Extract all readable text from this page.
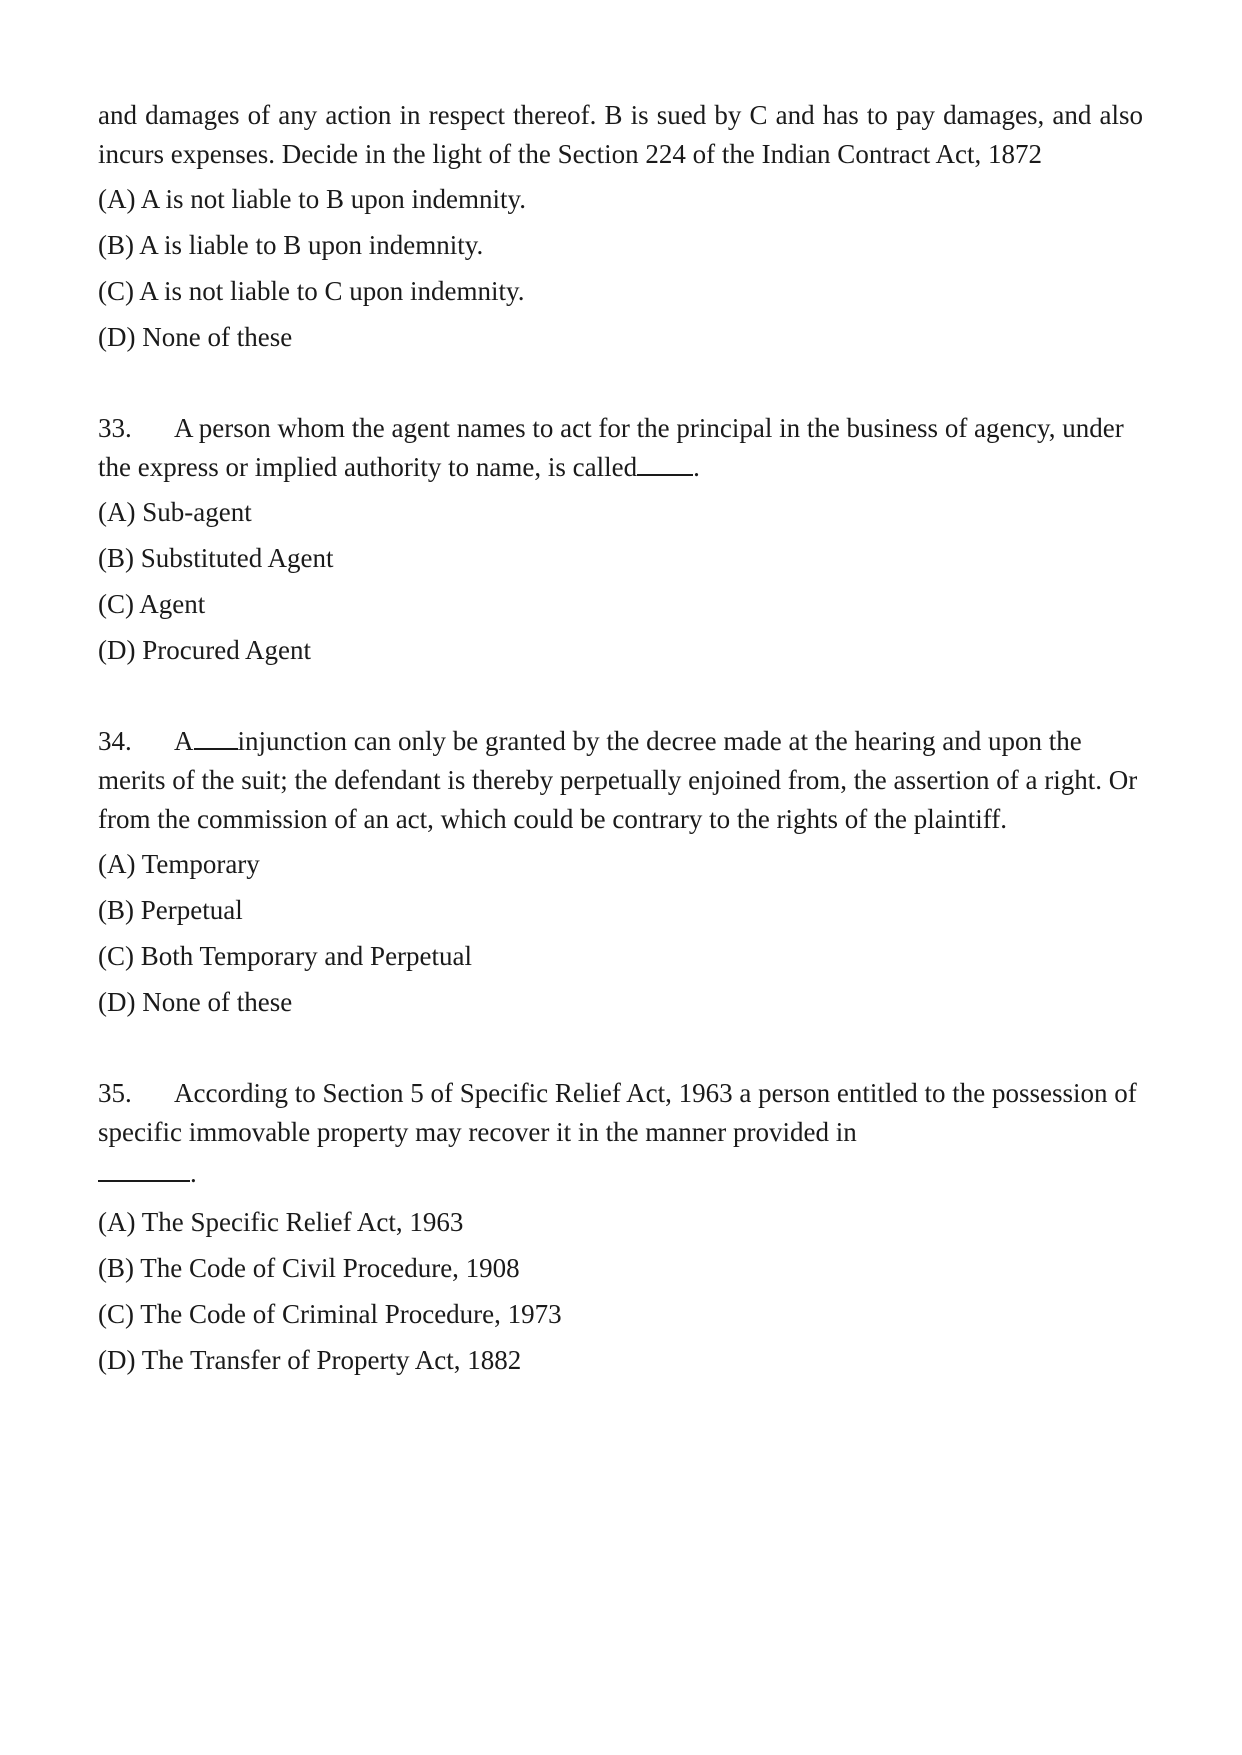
and damages of any action in respect thereof. B is sued by C and has to pay damages, and also incurs expenses. Decide in the light of the Section 224 of the Indian Contract Act, 1872

(A) A is not liable to B upon indemnity.

(B) A is liable to B upon indemnity.

(C) A is not liable to C upon indemnity.

(D) None of these

33. A person whom the agent names to act for the principal in the business of agency, under the express or implied authority to name, is called .

(A) Sub-agent

(B) Substituted Agent

(C) Agent

(D) Procured Agent

34. A injunction can only be granted by the decree made at the hearing and upon the merits of the suit; the defendant is thereby perpetually enjoined from, the assertion of a right. Or from the commission of an act, which could be contrary to the rights of the plaintiff.

(A) Temporary

(B) Perpetual

(C) Both Temporary and Perpetual

(D) None of these

35. According to Section 5 of Specific Relief Act, 1963 a person entitled to the possession of specific immovable property may recover it in the manner provided in

.

(A) The Specific Relief Act, 1963

(B) The Code of Civil Procedure, 1908

(C) The Code of Criminal Procedure, 1973

(D) The Transfer of Property Act, 1882
